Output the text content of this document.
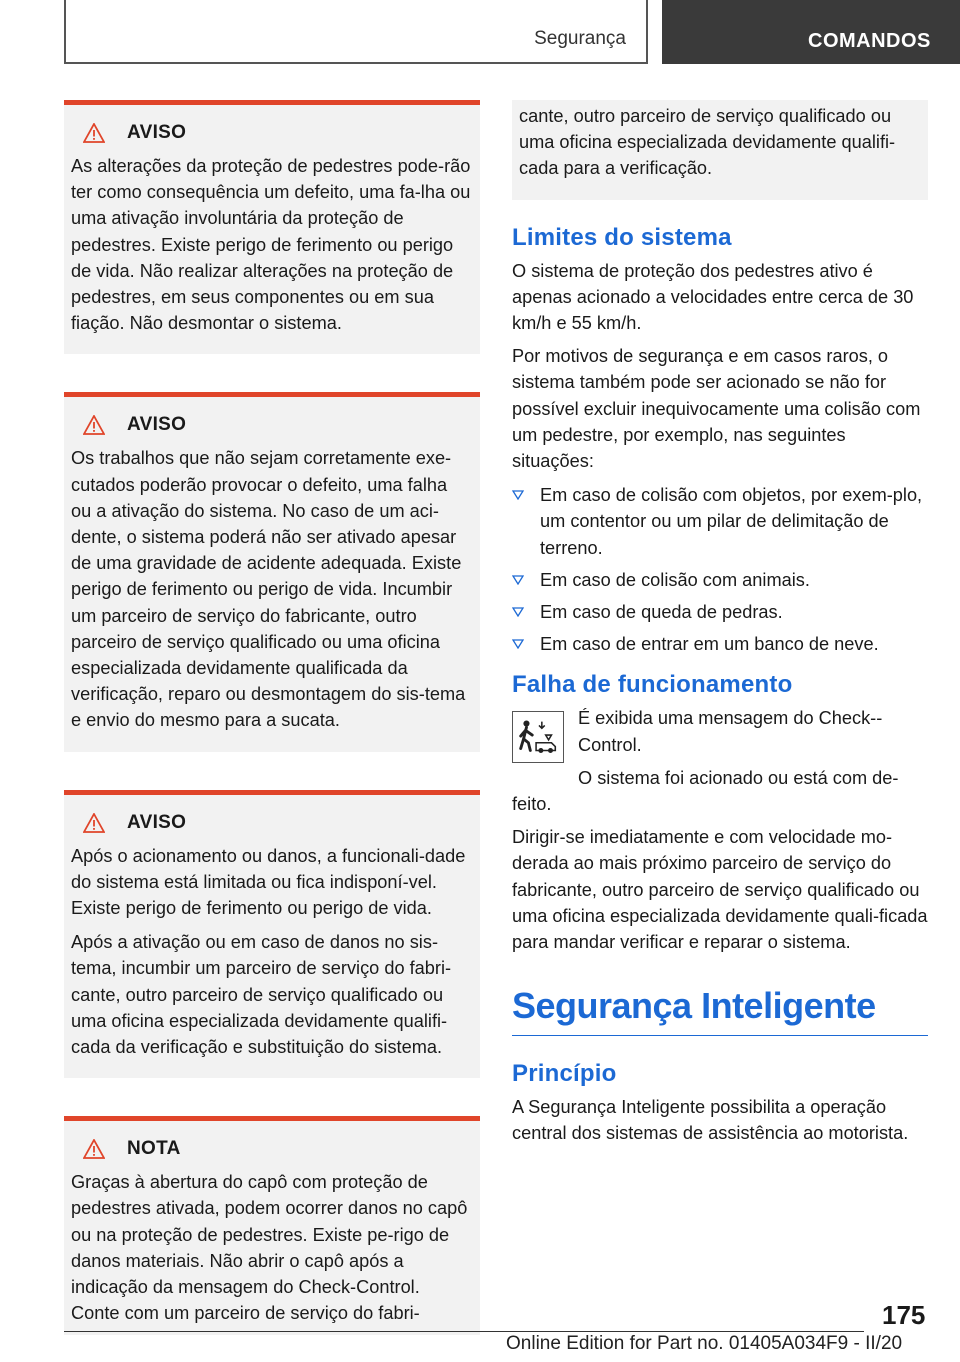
Segurança	COMANDOS
AVISO

As alterações da proteção de pedestres pode-rão ter como consequência um defeito, uma fa-lha ou uma ativação involuntária da proteção de pedestres. Existe perigo de ferimento ou perigo de vida. Não realizar alterações na proteção de pedestres, em seus componentes ou em sua fiação. Não desmontar o sistema.

AVISO

Os trabalhos que não sejam corretamente exe-cutados poderão provocar o defeito, uma falha ou a ativação do sistema. No caso de um aci-dente, o sistema poderá não ser ativado apesar de uma gravidade de acidente adequada. Existe perigo de ferimento ou perigo de vida. Incumbir um parceiro de serviço do fabricante, outro parceiro de serviço qualificado ou uma oficina especializada devidamente qualificada da verificação, reparo ou desmontagem do sis-tema e envio do mesmo para a sucata.

AVISO

Após o acionamento ou danos, a funcionali-dade do sistema está limitada ou fica indisponí-vel. Existe perigo de ferimento ou perigo de vida.

Após a ativação ou em caso de danos no sis-tema, incumbir um parceiro de serviço do fabri-cante, outro parceiro de serviço qualificado ou uma oficina especializada devidamente qualifi-cada da verificação e substituição do sistema.

NOTA

Graças à abertura do capô com proteção de pedestres ativada, podem ocorrer danos no capô ou na proteção de pedestres. Existe pe-rigo de danos materiais. Não abrir o capô após a indicação da mensagem do Check-Control. Conte com um parceiro de serviço do fabri-

cante, outro parceiro de serviço qualificado ou uma oficina especializada devidamente qualifi-cada para a verificação.

Limites do sistema

O sistema de proteção dos pedestres ativo é apenas acionado a velocidades entre cerca de 30 km/h e 55 km/h.

Por motivos de segurança e em casos raros, o sistema também pode ser acionado se não for possível excluir inequivocamente uma colisão com um pedestre, por exemplo, nas seguintes situações:

Em caso de colisão com objetos, por exem-plo, um contentor ou um pilar de delimitação de terreno.
Em caso de colisão com animais.
Em caso de queda de pedras.
Em caso de entrar em um banco de neve.
Falha de funcionamento

É exibida uma mensagem do Check--Control.

O sistema foi acionado ou está com de-feito.

Dirigir-se imediatamente e com velocidade mo-derada ao mais próximo parceiro de serviço do fabricante, outro parceiro de serviço qualificado ou uma oficina especializada devidamente quali-ficada para mandar verificar e reparar o sistema.

Segurança Inteligente
Princípio

A Segurança Inteligente possibilita a operação central dos sistemas de assistência ao motorista.

175
Online Edition for Part no. 01405A034F9 - II/20
